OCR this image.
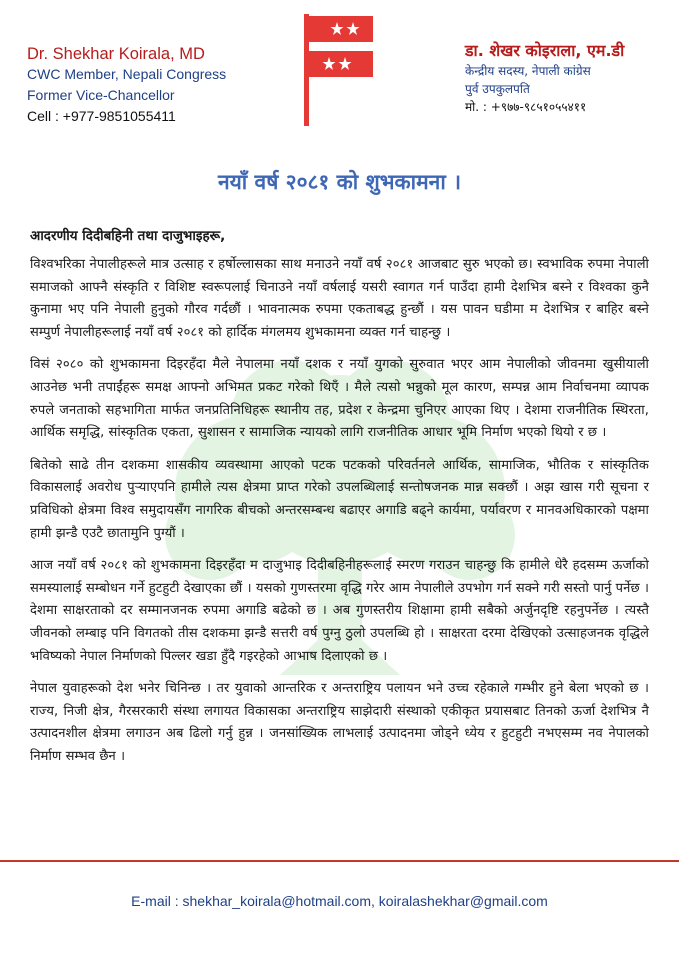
Dr. Shekhar Koirala, MD
CWC Member, Nepali Congress
Former Vice-Chancellor
Cell : +977-9851055411
डा. शेखर कोइराला, एम.डी
केन्द्रीय सदस्य, नेपाली कांग्रेस
पुर्व उपकुलपति
मो. : +९७७-९८५१०५५४११
नयाँ वर्ष २०८१ को शुभकामना ।

आदरणीय दिदीबहिनी तथा दाजुभाइहरू,

विश्वभरिका नेपालीहरूले मात्र उत्साह र हर्षोल्लासका साथ मनाउने नयाँ वर्ष २०८१ आजबाट सुरु भएको छ। स्वभाविक रुपमा नेपाली समाजको आफ्नै संस्कृति र विशिष्ट स्वरूपलाई चिनाउने नयाँ वर्षलाई यसरी स्वागत गर्न पाउँदा हामी देशभित्र बस्ने र विश्वका कुनै कुनामा भए पनि नेपाली हुनुको गौरव गर्दछौं । भावनात्मक रुपमा एकताबद्ध हुन्छौं । यस पावन घडीमा म देशभित्र र बाहिर बस्ने सम्पुर्ण नेपालीहरूलाई नयाँ वर्ष २०८१ को हार्दिक मंगलमय शुभकामना व्यक्त गर्न चाहन्छु ।

विसं २०८० को शुभकामना दिइरहँदा मैले नेपालमा नयाँ दशक र नयाँ युगको सुरुवात भएर आम नेपालीको जीवनमा खुसीयाली आउनेछ भनी तपाईंहरू समक्ष आफ्नो अभिमत प्रकट गरेको थिएँ । मैले त्यसो भन्नुको मूल कारण, सम्पन्न आम निर्वाचनमा व्यापक रुपले जनताको सहभागिता मार्फत जनप्रतिनिधिहरू स्थानीय तह, प्रदेश र केन्द्रमा चुनिएर आएका थिए । देशमा राजनीतिक स्थिरता, आर्थिक समृद्धि, सांस्कृतिक एकता, सुशासन र सामाजिक न्यायको लागि राजनीतिक आधार भूमि निर्माण भएको थियो र छ ।

बितेको साढे तीन दशकमा शासकीय व्यवस्थामा आएको पटक पटकको परिवर्तनले आर्थिक, सामाजिक, भौतिक र सांस्कृतिक विकासलाई अवरोध पुऱ्याएपनि हामीले त्यस क्षेत्रमा प्राप्त गरेको उपलब्धिलाई सन्तोषजनक मान्न सक्छौं । अझ खास गरी सूचना र प्रविधिको क्षेत्रमा विश्व समुदायसँग नागरिक बीचको अन्तरसम्बन्ध बढाएर अगाडि बढ्ने कार्यमा, पर्यावरण र मानवअधिकारको पक्षमा हामी झन्डै एउटै छातामुनि पुग्यौं ।

आज नयाँ वर्ष २०८१ को शुभकामना दिइरहँदा म दाजुभाइ दिदीबहिनीहरूलाई स्मरण गराउन चाहन्छु कि हामीले धेरै हदसम्म ऊर्जाको समस्यालाई सम्बोधन गर्ने हुटहुटी देखाएका छौं । यसको गुणस्तरमा वृद्धि गरेर आम नेपालीले उपभोग गर्न सक्ने गरी सस्तो पार्नु पर्नेछ । देशमा साक्षरताको दर सम्मानजनक रुपमा अगाडि बढेको छ । अब गुणस्तरीय शिक्षामा हामी सबैको अर्जुनदृष्टि रहनुपर्नेछ । त्यस्तै जीवनको लम्बाइ पनि विगतको तीस दशकमा झन्डै सत्तरी वर्ष पुग्नु ठुलो उपलब्धि हो । साक्षरता दरमा देखिएको उत्साहजनक वृद्धिले भविष्यको नेपाल निर्माणको पिल्लर खडा हुँदै गइरहेको आभाष दिलाएको छ ।

नेपाल युवाहरूको देश भनेर चिनिन्छ । तर युवाको आन्तरिक र अन्तराष्ट्रिय पलायन भने उच्च रहेकाले गम्भीर हुने बेला भएको छ । राज्य, निजी क्षेत्र, गैरसरकारी संस्था लगायत विकासका अन्तराष्ट्रिय साझेदारी संस्थाको एकीकृत प्रयासबाट तिनको ऊर्जा देशभित्र नै उत्पादनशील क्षेत्रमा लगाउन अब ढिलो गर्नु हुन्न । जनसांख्यिक लाभलाई उत्पादनमा जोड्ने ध्येय र हुटहुटी नभएसम्म नव नेपालको निर्माण सम्भव छैन ।

E-mail : shekhar_koirala@hotmail.com, koiralashekhar@gmail.com
